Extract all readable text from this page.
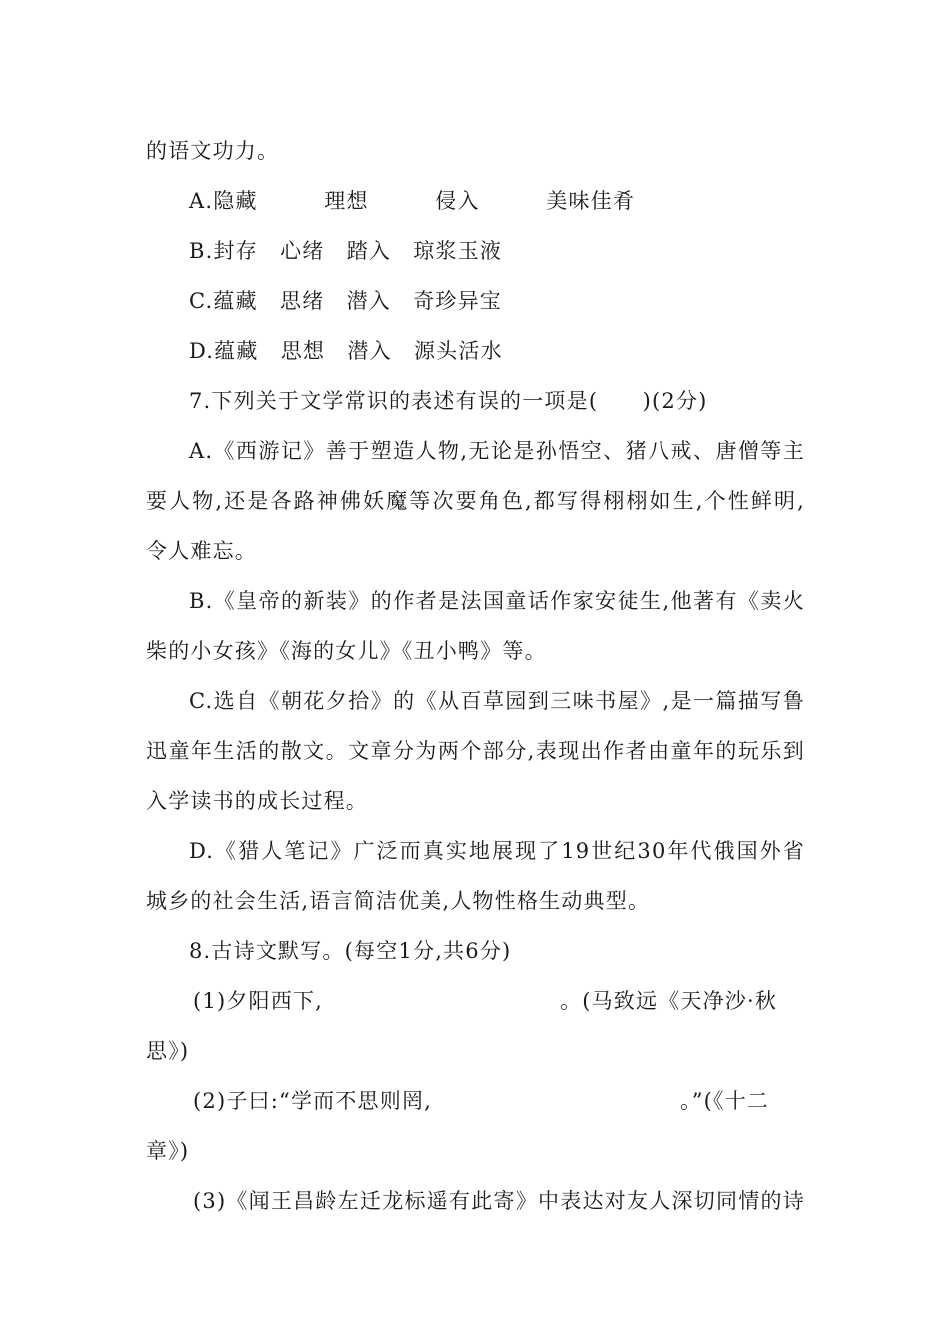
的语文功力。
A.隐藏　　　理想　　　侵入　　　美味佳肴
B.封存　心绪　踏入　琼浆玉液
C.蕴藏　思绪　潜入　奇珍异宝
D.蕴藏　思想　潜入　源头活水
7.下列关于文学常识的表述有误的一项是(　　)(2分)
A.《西游记》善于塑造人物,无论是孙悟空、猪八戒、唐僧等主
要人物,还是各路神佛妖魔等次要角色,都写得栩栩如生,个性鲜明,
令人难忘。
B.《皇帝的新装》的作者是法国童话作家安徒生,他著有《卖火
柴的小女孩》《海的女儿》《丑小鸭》等。
C.选自《朝花夕拾》的《从百草园到三味书屋》,是一篇描写鲁
迅童年生活的散文。文章分为两个部分,表现出作者由童年的玩乐到
入学读书的成长过程。
D.《猎人笔记》广泛而真实地展现了19世纪30年代俄国外省
城乡的社会生活,语言简洁优美,人物性格生动典型。
8.古诗文默写。(每空1分,共6分)
(1)夕阳西下,	。(马致远《天净沙·秋
思》)
(2)子曰:“学而不思则罔,	。”(《十二
章》)
(3)《闻王昌龄左迁龙标遥有此寄》中表达对友人深切同情的诗
